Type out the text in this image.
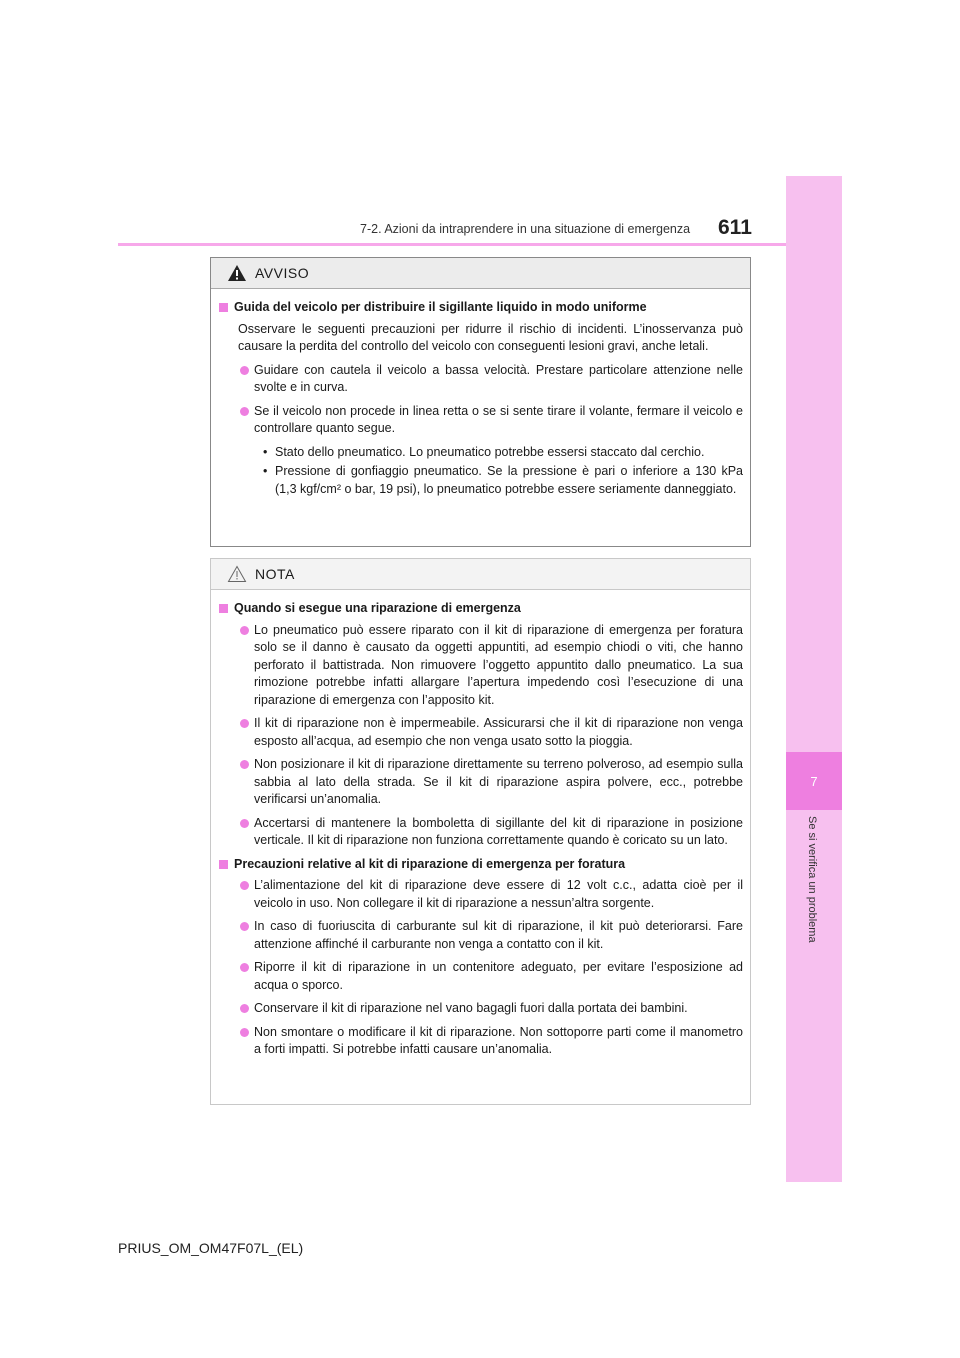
7
Se si verifica un problema
7-2. Azioni da intraprendere in una situazione di emergenza 611
AVVISO
Guida del veicolo per distribuire il sigillante liquido in modo uniforme
Osservare le seguenti precauzioni per ridurre il rischio di incidenti. L’inosservanza può causare la perdita del controllo del veicolo con conseguenti lesioni gravi, anche letali.
Guidare con cautela il veicolo a bassa velocità. Prestare particolare attenzione nelle svolte e in curva.
Se il veicolo non procede in linea retta o se si sente tirare il volante, fermare il veicolo e controllare quanto segue.
• Stato dello pneumatico. Lo pneumatico potrebbe essersi staccato dal cerchio.
• Pressione di gonfiaggio pneumatico. Se la pressione è pari o inferiore a 130 kPa (1,3 kgf/cm² o bar, 19 psi), lo pneumatico potrebbe essere seriamente danneggiato.
NOTA
Quando si esegue una riparazione di emergenza
Lo pneumatico può essere riparato con il kit di riparazione di emergenza per foratura solo se il danno è causato da oggetti appuntiti, ad esempio chiodi o viti, che hanno perforato il battistrada. Non rimuovere l’oggetto appuntito dallo pneumatico. La sua rimozione potrebbe infatti allargare l’apertura impedendo così l’esecuzione di una riparazione di emergenza con l’apposito kit.
Il kit di riparazione non è impermeabile. Assicurarsi che il kit di riparazione non venga esposto all’acqua, ad esempio che non venga usato sotto la pioggia.
Non posizionare il kit di riparazione direttamente su terreno polveroso, ad esempio sulla sabbia al lato della strada. Se il kit di riparazione aspira polvere, ecc., potrebbe verificarsi un’anomalia.
Accertarsi di mantenere la bomboletta di sigillante del kit di riparazione in posizione verticale. Il kit di riparazione non funziona correttamente quando è coricato su un lato.
Precauzioni relative al kit di riparazione di emergenza per foratura
L’alimentazione del kit di riparazione deve essere di 12 volt c.c., adatta cioè per il veicolo in uso. Non collegare il kit di riparazione a nessun’altra sorgente.
In caso di fuoriuscita di carburante sul kit di riparazione, il kit può deteriorarsi. Fare attenzione affinché il carburante non venga a contatto con il kit.
Riporre il kit di riparazione in un contenitore adeguato, per evitare l’esposizione ad acqua o sporco.
Conservare il kit di riparazione nel vano bagagli fuori dalla portata dei bambini.
Non smontare o modificare il kit di riparazione. Non sottoporre parti come il manometro a forti impatti. Si potrebbe infatti causare un’anomalia.
PRIUS_OM_OM47F07L_(EL)
